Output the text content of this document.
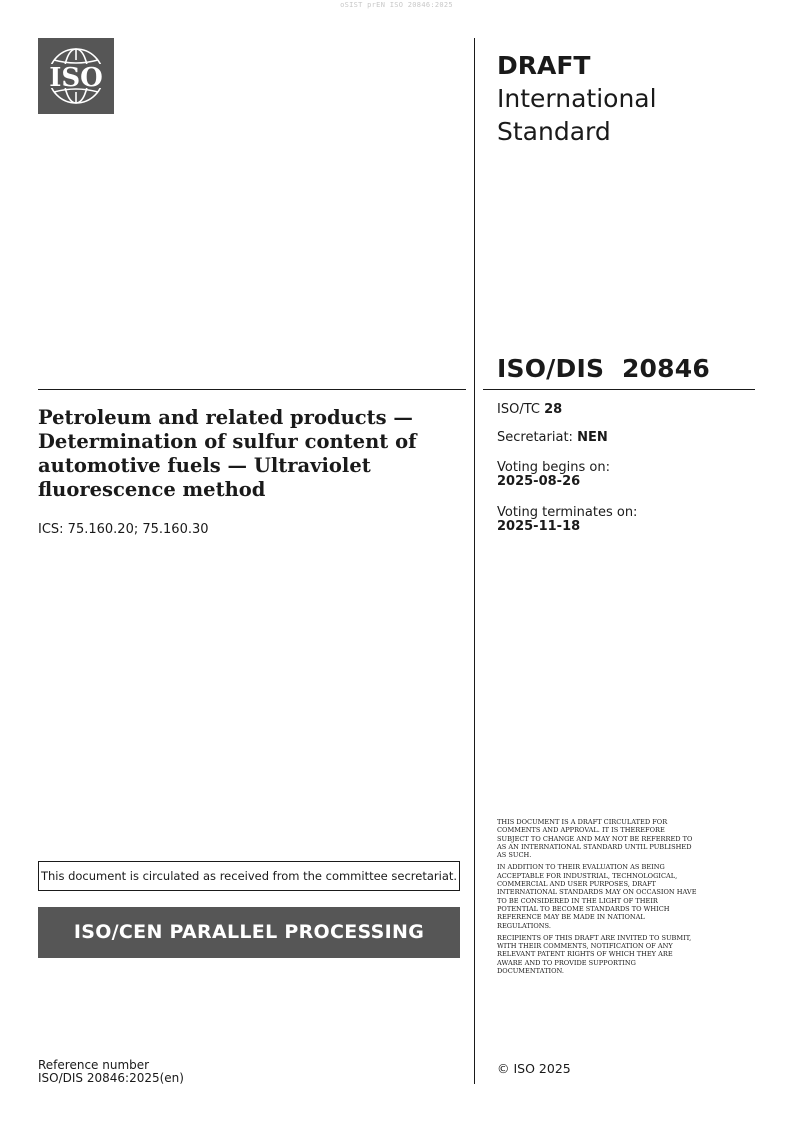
oSIST prEN ISO 20846:2025
ISO	DRAFT
International
Standard
ISO/DIS  20846
Petroleum and related products — Determination of sulfur content of automotive fuels — Ultraviolet fluorescence method
ICS: 75.160.20; 75.160.30
ISO/TC 28
Secretariat: NEN
Voting begins on:
2025-08-26
Voting terminates on:
2025-11-18

THIS DOCUMENT IS A DRAFT CIRCULATED FOR COMMENTS AND APPROVAL. IT IS THEREFORE SUBJECT TO CHANGE AND MAY NOT BE REFERRED TO AS AN INTERNATIONAL STANDARD UNTIL PUBLISHED AS SUCH.

IN ADDITION TO THEIR EVALUATION AS BEING ACCEPTABLE FOR INDUSTRIAL, TECHNOLOGICAL, COMMERCIAL AND USER PURPOSES, DRAFT INTERNATIONAL STANDARDS MAY ON OCCASION HAVE TO BE CONSIDERED IN THE LIGHT OF THEIR POTENTIAL TO BECOME STANDARDS TO WHICH REFERENCE MAY BE MADE IN NATIONAL REGULATIONS.

RECIPIENTS OF THIS DRAFT ARE INVITED TO SUBMIT, WITH THEIR COMMENTS, NOTIFICATION OF ANY RELEVANT PATENT RIGHTS OF WHICH THEY ARE AWARE AND TO PROVIDE SUPPORTING DOCUMENTATION.

This document is circulated as received from the committee secretariat.
ISO/CEN PARALLEL PROCESSING
Reference number
ISO/DIS 20846:2025(en)
© ISO 2025
